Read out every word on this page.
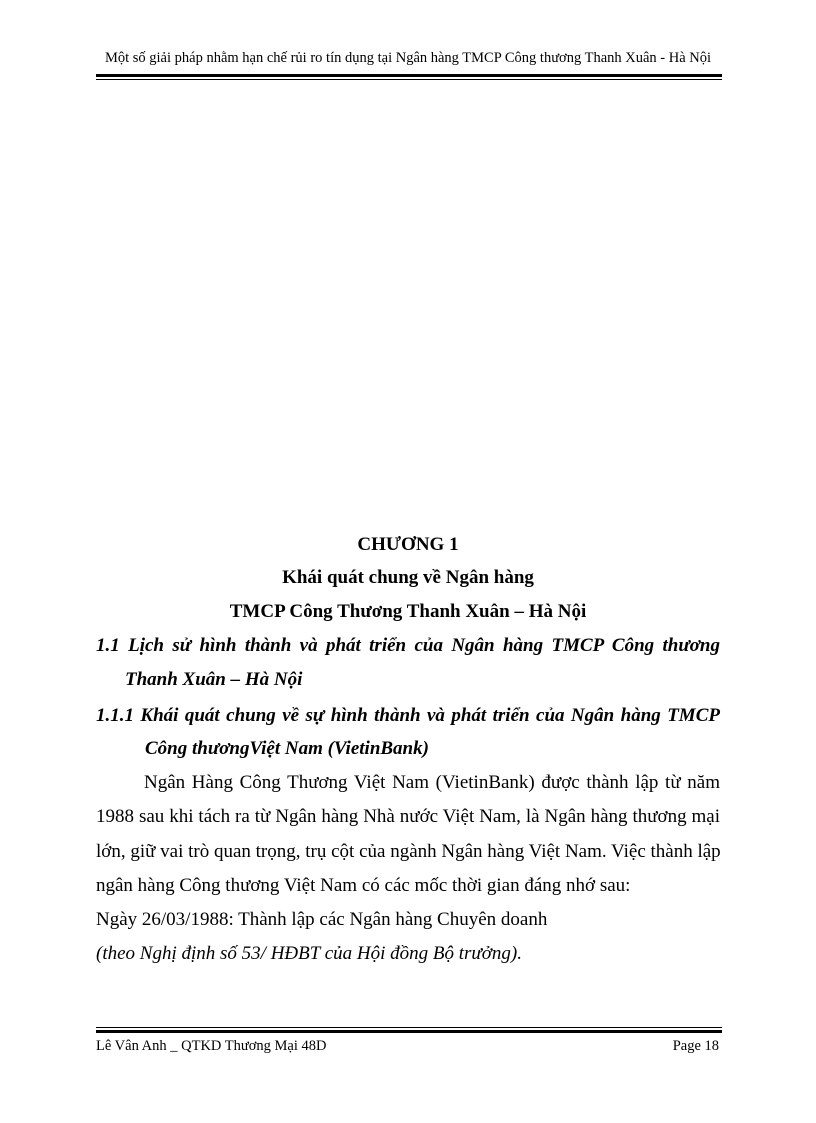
Một số giải pháp nhằm hạn chế rủi ro tín dụng tại Ngân hàng TMCP Công thương Thanh Xuân - Hà Nội
CHƯƠNG 1
Khái quát chung về Ngân hàng
TMCP Công Thương Thanh Xuân – Hà Nội
1.1 Lịch sử hình thành và phát triển của Ngân hàng TMCP Công thương
Thanh Xuân – Hà Nội
1.1.1 Khái quát chung về sự hình thành và phát triển của Ngân hàng TMCP
Công thươngViệt Nam (VietinBank)
Ngân Hàng Công Thương Việt Nam (VietinBank) được thành lập từ năm
1988 sau khi tách ra từ Ngân hàng Nhà nước Việt Nam, là Ngân hàng thương mại
lớn, giữ vai trò quan trọng, trụ cột của ngành Ngân hàng Việt Nam. Việc thành lập
ngân hàng Công thương Việt Nam có các mốc thời gian đáng nhớ sau:
Ngày 26/03/1988: Thành lập các Ngân hàng Chuyên doanh
(theo Nghị định số 53/ HĐBT của Hội đồng Bộ trưởng).
Lê Vân Anh _ QTKD Thương Mại 48D	Page 18
